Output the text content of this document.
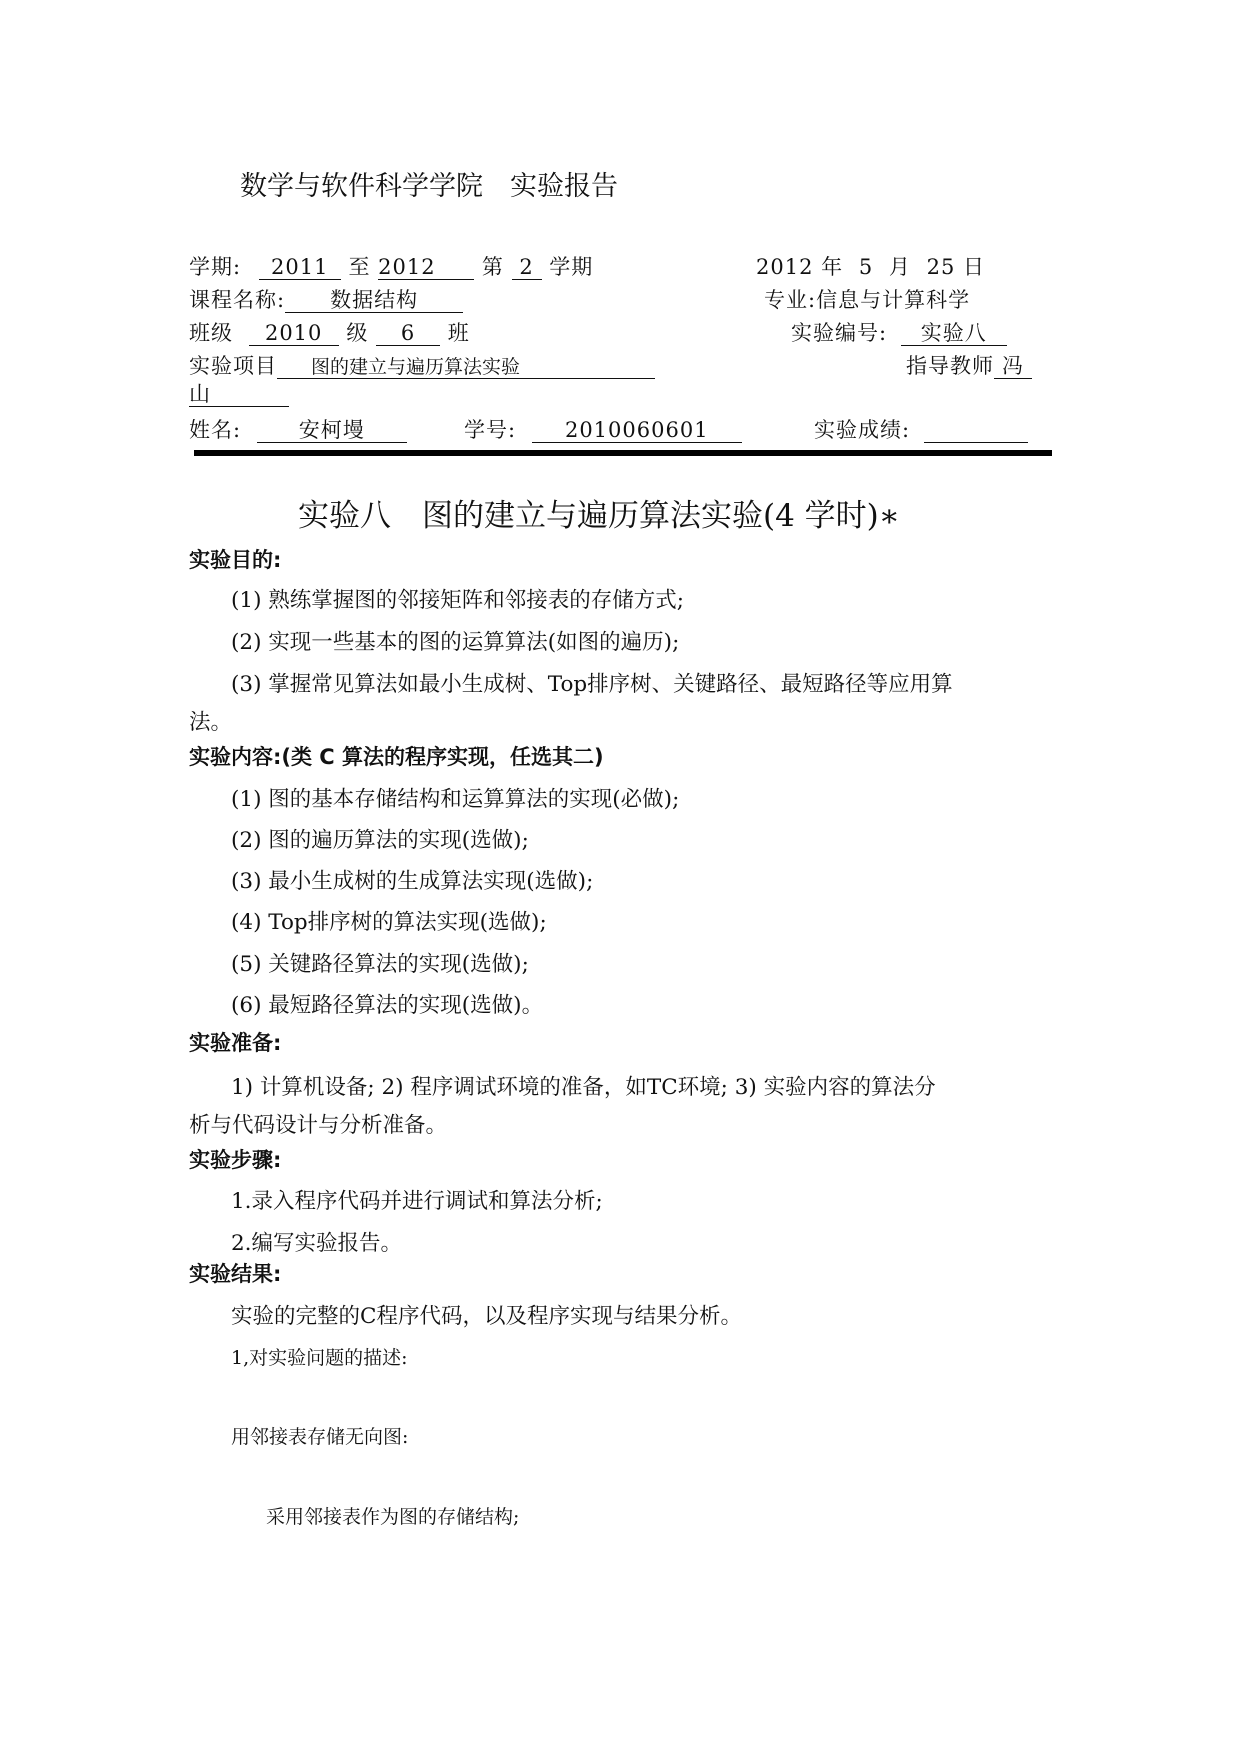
数学与软件科学学院　实验报告
学期: 2011 至 2012 第 2 学期	2012 年 5 月 25 日
课程名称: 数据结构	专业:信息与计算科学
班级 2010 级 6 班	实验编号: 实验八
实验项目 图的建立与遍历算法实验	指导教师 冯
山
姓名:	安柯墁	学号: 2010060601	实验成绩:
实验八　图的建立与遍历算法实验(4 学时)∗
实验目的:
(1) 熟练掌握图的邻接矩阵和邻接表的存储方式;
(2) 实现一些基本的图的运算算法(如图的遍历);
(3) 掌握常见算法如最小生成树、Top排序树、关键路径、最短路径等应用算
法。
实验内容:(类 C 算法的程序实现，任选其二)
(1) 图的基本存储结构和运算算法的实现(必做);
(2) 图的遍历算法的实现(选做);
(3) 最小生成树的生成算法实现(选做);
(4) Top排序树的算法实现(选做);
(5) 关键路径算法的实现(选做);
(6) 最短路径算法的实现(选做)。
实验准备:
1) 计算机设备; 2) 程序调试环境的准备，如TC环境; 3) 实验内容的算法分
析与代码设计与分析准备。
实验步骤:
1.录入程序代码并进行调试和算法分析;
2.编写实验报告。
实验结果:
实验的完整的C程序代码，以及程序实现与结果分析。
1,对实验问题的描述:
用邻接表存储无向图:
采用邻接表作为图的存储结构;
